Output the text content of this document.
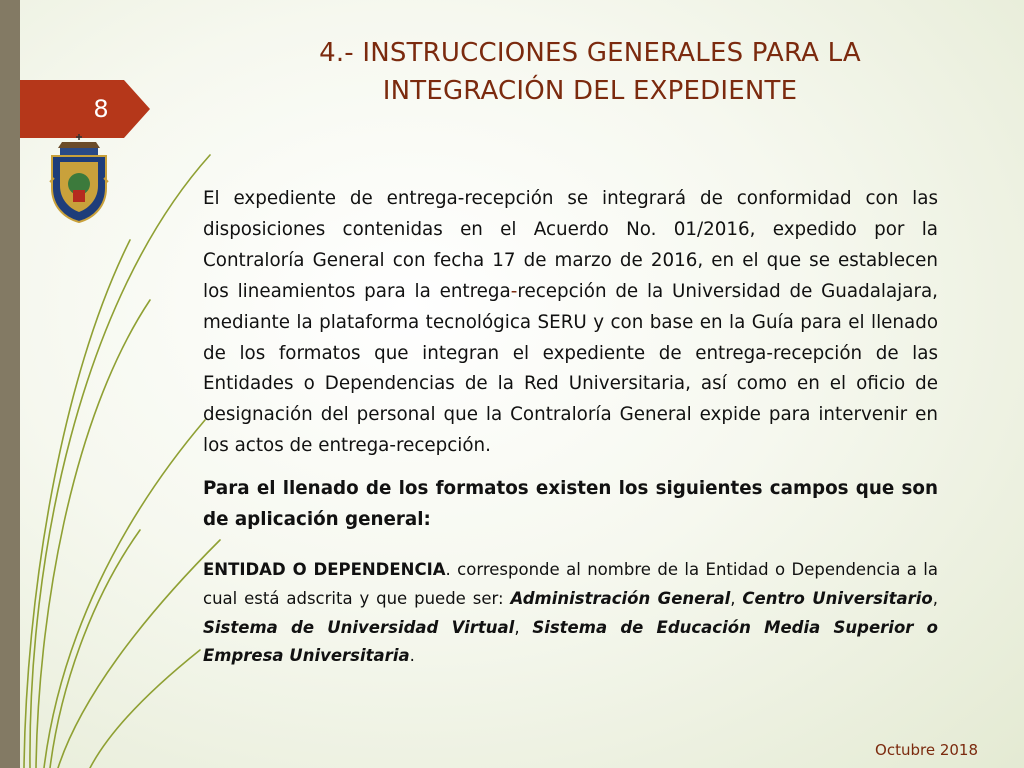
8
4.- INSTRUCCIONES GENERALES PARA LA
INTEGRACIÓN DEL EXPEDIENTE

El expediente de entrega-recepción se integrará de conformidad con las disposiciones contenidas en el Acuerdo No. 01/2016, expedido por la Contraloría General con fecha 17 de marzo de 2016, en el que se establecen los lineamientos para la entrega-recepción de la Universidad de Guadalajara, mediante la plataforma tecnológica SERU y con base en la Guía para el llenado de los formatos que integran el expediente de entrega-recepción de las Entidades o Dependencias de la Red Universitaria, así como en el oficio de designación del personal que la Contraloría General expide para intervenir en los actos de entrega-recepción.

Para el llenado de los formatos existen los siguientes campos que son de aplicación general:

ENTIDAD O DEPENDENCIA. corresponde al nombre de la Entidad o Dependencia a la cual está adscrita y que puede ser: Administración General, Centro Universitario, Sistema de Universidad Virtual, Sistema de Educación Media Superior o Empresa Universitaria.

Octubre 2018
